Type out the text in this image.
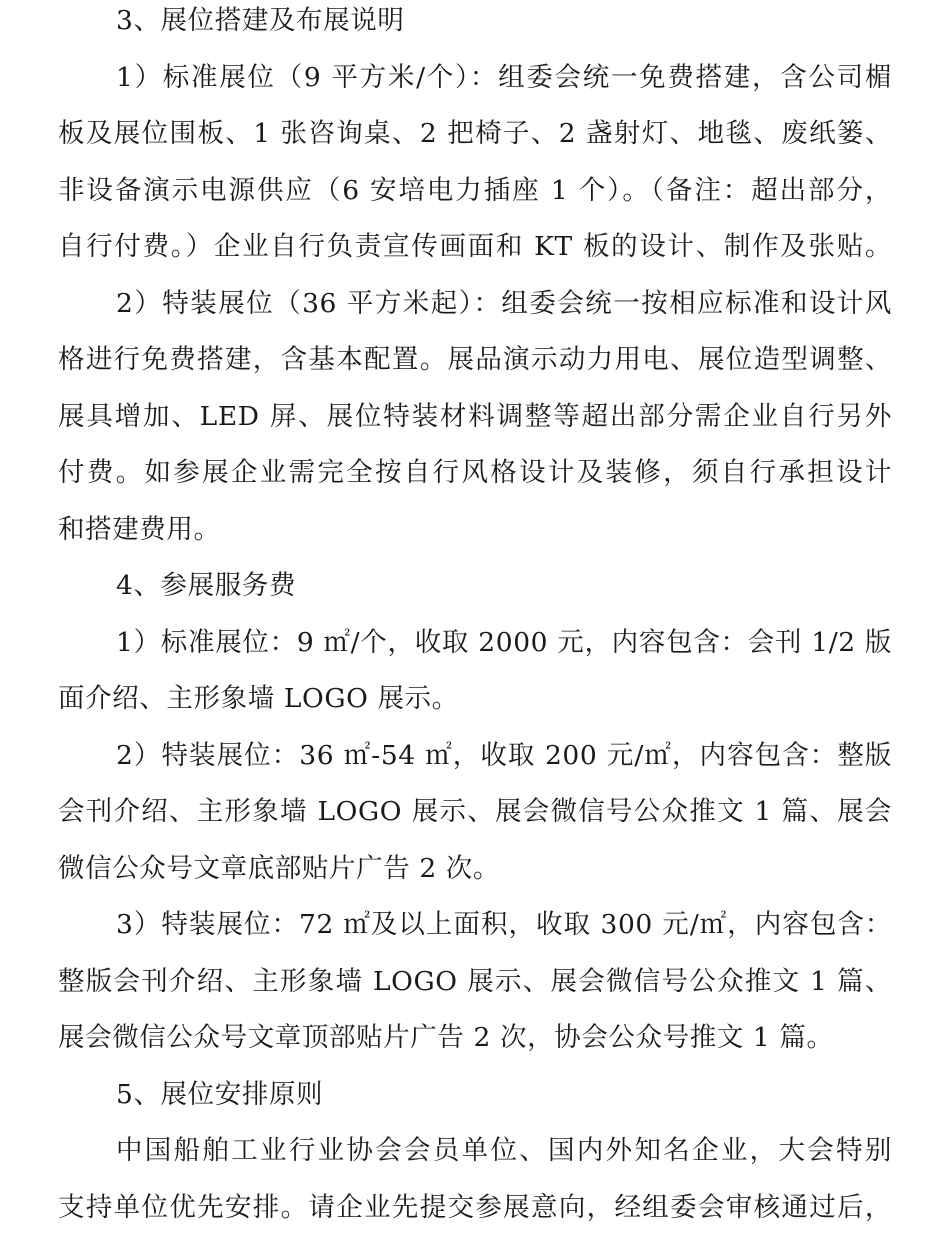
3、展位搭建及布展说明
1）标准展位（9 平方米/个）：组委会统一免费搭建，含公司楣
板及展位围板、1 张咨询桌、2 把椅子、2 盏射灯、地毯、废纸篓、
非设备演示电源供应（6 安培电力插座 1 个）。（备注：超出部分，
自行付费。）企业自行负责宣传画面和 KT 板的设计、制作及张贴。
2）特装展位（36 平方米起）：组委会统一按相应标准和设计风
格进行免费搭建，含基本配置。展品演示动力用电、展位造型调整、
展具增加、LED 屏、展位特装材料调整等超出部分需企业自行另外
付费。如参展企业需完全按自行风格设计及装修，须自行承担设计
和搭建费用。
4、参展服务费
1）标准展位：9 ㎡/个，收取 2000 元，内容包含：会刊 1/2 版
面介绍、主形象墙 LOGO 展示。
2）特装展位：36 ㎡-54 ㎡，收取 200 元/㎡，内容包含：整版
会刊介绍、主形象墙 LOGO 展示、展会微信号公众推文 1 篇、展会
微信公众号文章底部贴片广告 2 次。
3）特装展位：72 ㎡及以上面积，收取 300 元/㎡，内容包含：
整版会刊介绍、主形象墙 LOGO 展示、展会微信号公众推文 1 篇、
展会微信公众号文章顶部贴片广告 2 次，协会公众号推文 1 篇。
5、展位安排原则
中国船舶工业行业协会会员单位、国内外知名企业，大会特别
支持单位优先安排。请企业先提交参展意向，经组委会审核通过后，
